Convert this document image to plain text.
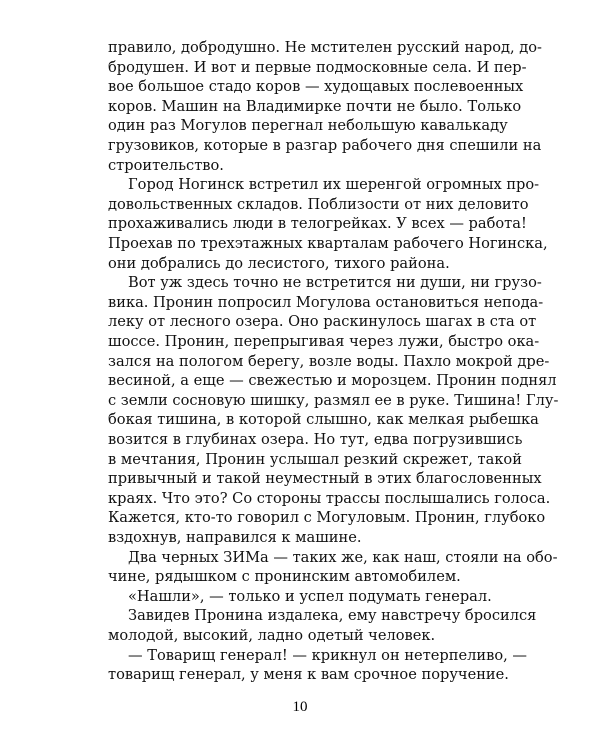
правило, добродушно. Не мстителен русский народ, до-
бродушен. И вот и первые подмосковные села. И пер-
вое большое стадо коров — худощавых послевоенных
коров. Машин на Владимирке почти не было. Только
один раз Могулов перегнал небольшую кавалькаду
грузовиков, которые в разгар рабочего дня спешили на
строительство.
Город Ногинск встретил их шеренгой огромных про-
довольственных складов. Поблизости от них деловито
прохаживались люди в телогрейках. У всех — работа!
Проехав по трехэтажных кварталам рабочего Ногинска,
они добрались до лесистого, тихого района.
Вот уж здесь точно не встретится ни души, ни грузо-
вика. Пронин попросил Могулова остановиться непода-
леку от лесного озера. Оно раскинулось шагах в ста от
шоссе. Пронин, перепрыгивая через лужи, быстро ока-
зался на пологом берегу, возле воды. Пахло мокрой дре-
весиной, а еще — свежестью и морозцем. Пронин поднял
с земли сосновую шишку, размял ее в руке. Тишина! Глу-
бокая тишина, в которой слышно, как мелкая рыбешка
возится в глубинах озера. Но тут, едва погрузившись
в мечтания, Пронин услышал резкий скрежет, такой
привычный и такой неуместный в этих благословенных
краях. Что это? Со стороны трассы послышались голоса.
Кажется, кто-то говорил с Могуловым. Пронин, глубоко
вздохнув, направился к машине.
Два черных ЗИМа — таких же, как наш, стояли на обо-
чине, рядышком с пронинским автомобилем.
«Нашли», — только и успел подумать генерал.
Завидев Пронина издалека, ему навстречу бросился
молодой, высокий, ладно одетый человек.
— Товарищ генерал! — крикнул он нетерпеливо, —
товарищ генерал, у меня к вам срочное поручение.
10
